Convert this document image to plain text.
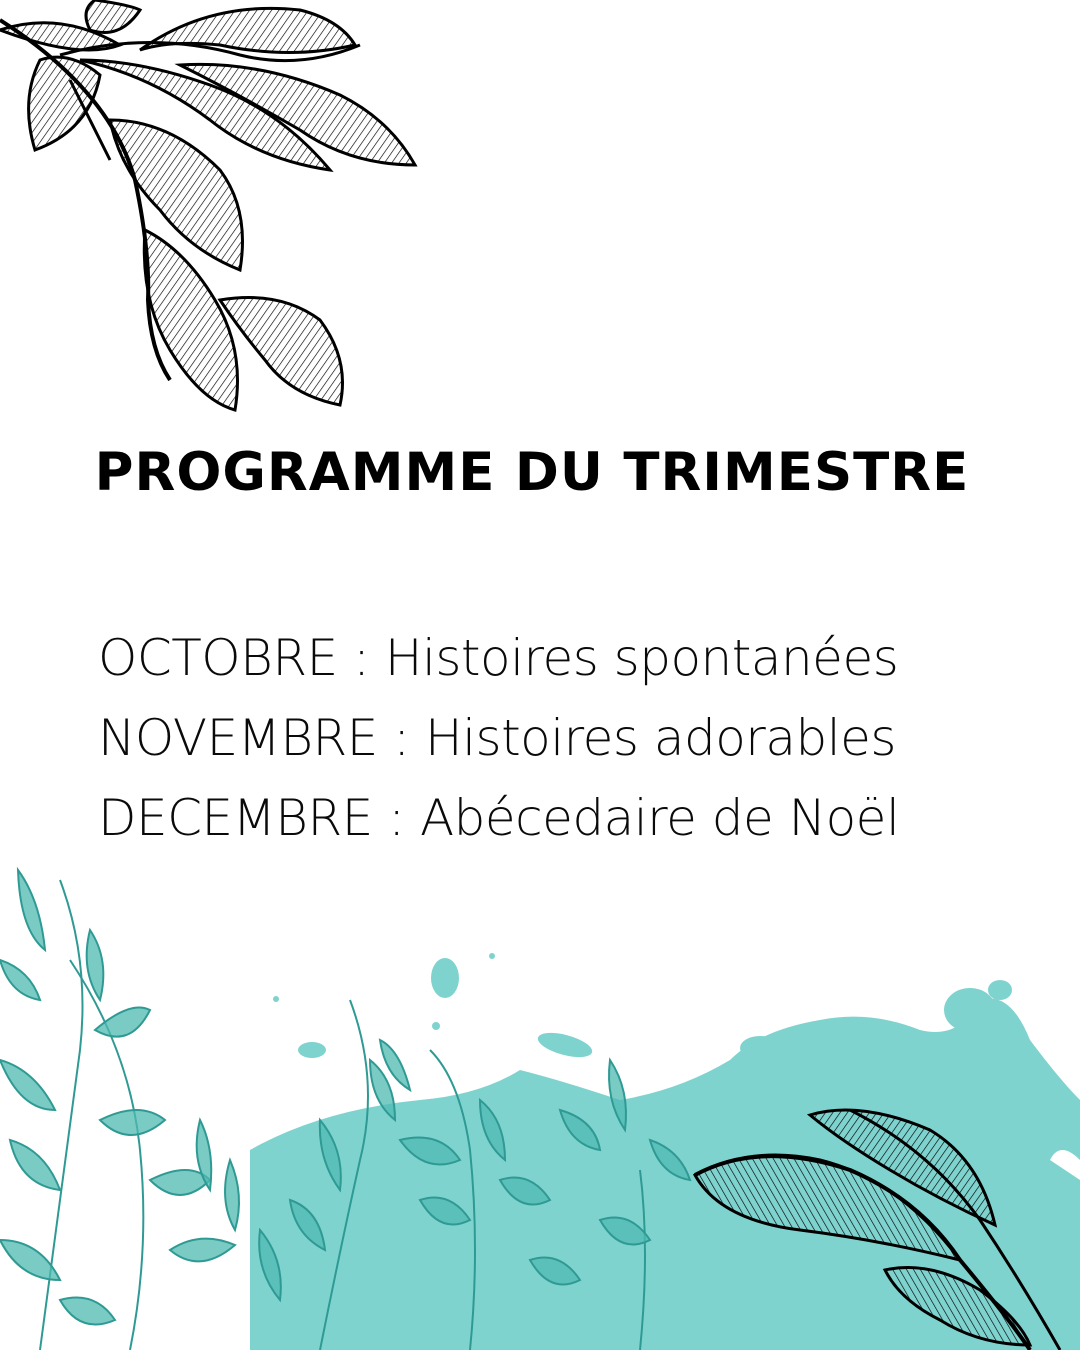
PROGRAMME DU TRIMESTRE
OCTOBRE : Histoires spontanées
NOVEMBRE : Histoires adorables
DECEMBRE : Abécedaire de Noël
